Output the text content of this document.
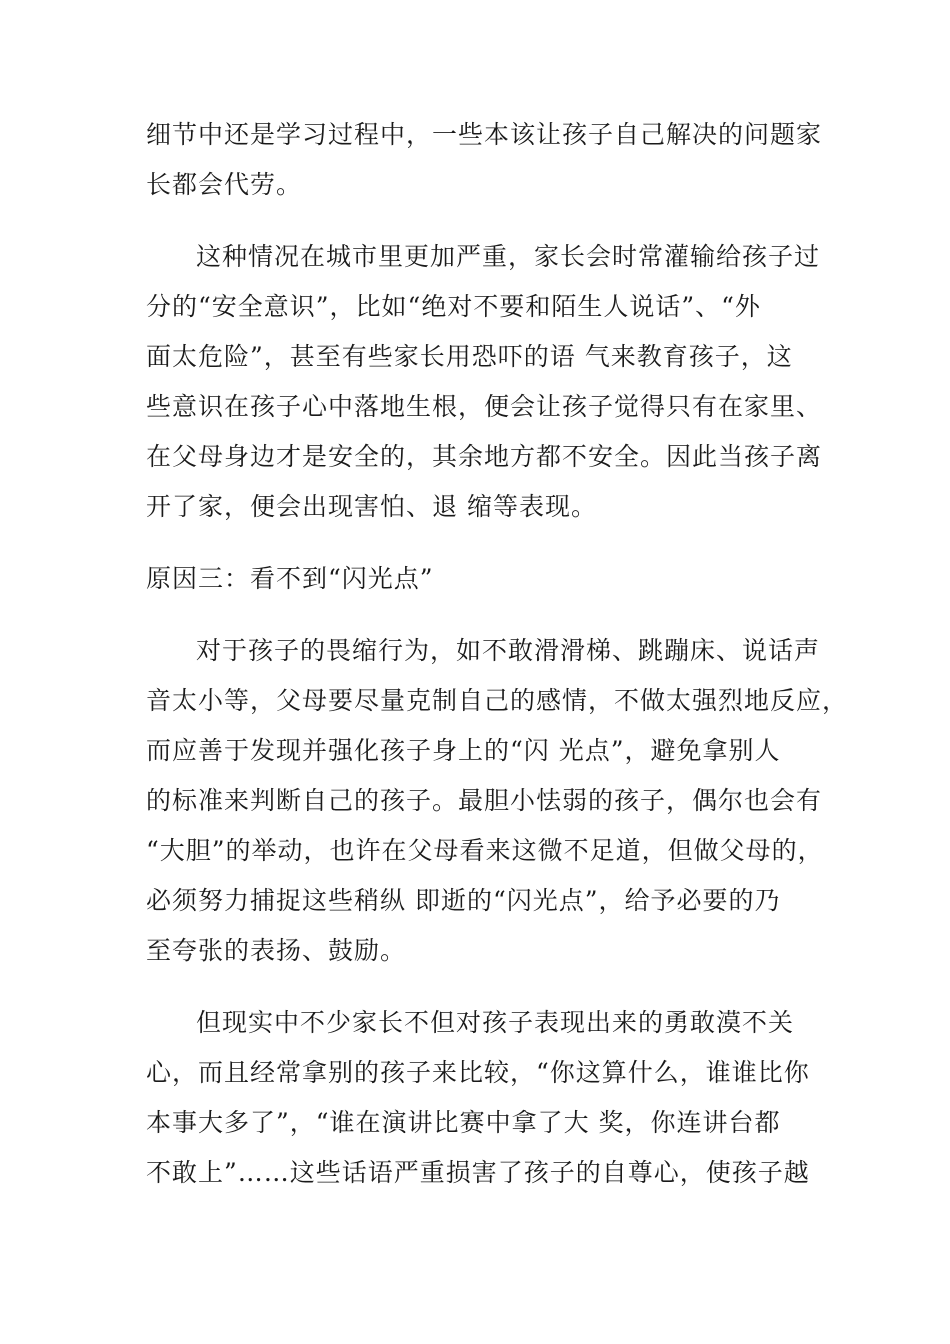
细节中还是学习过程中，一些本该让孩子自己解决的问题家
长都会代劳。
这种情况在城市里更加严重，家长会时常灌输给孩子过
分的“安全意识”，比如“绝对不要和陌生人说话”、“外
面太危险”，甚至有些家长用恐吓的语 气来教育孩子，这
些意识在孩子心中落地生根，便会让孩子觉得只有在家里、
在父母身边才是安全的，其余地方都不安全。因此当孩子离
开了家，便会出现害怕、退 缩等表现。
原因三：看不到“闪光点”
对于孩子的畏缩行为，如不敢滑滑梯、跳蹦床、说话声
音太小等，父母要尽量克制自己的感情，不做太强烈地反应，
而应善于发现并强化孩子身上的“闪 光点”，避免拿别人
的标准来判断自己的孩子。最胆小怯弱的孩子，偶尔也会有
“大胆”的举动，也许在父母看来这微不足道，但做父母的，
必须努力捕捉这些稍纵 即逝的“闪光点”，给予必要的乃
至夸张的表扬、鼓励。
但现实中不少家长不但对孩子表现出来的勇敢漠不关
心，而且经常拿别的孩子来比较，“你这算什么，谁谁比你
本事大多了”，“谁在演讲比赛中拿了大 奖，你连讲台都
不敢上”……这些话语严重损害了孩子的自尊心，使孩子越
